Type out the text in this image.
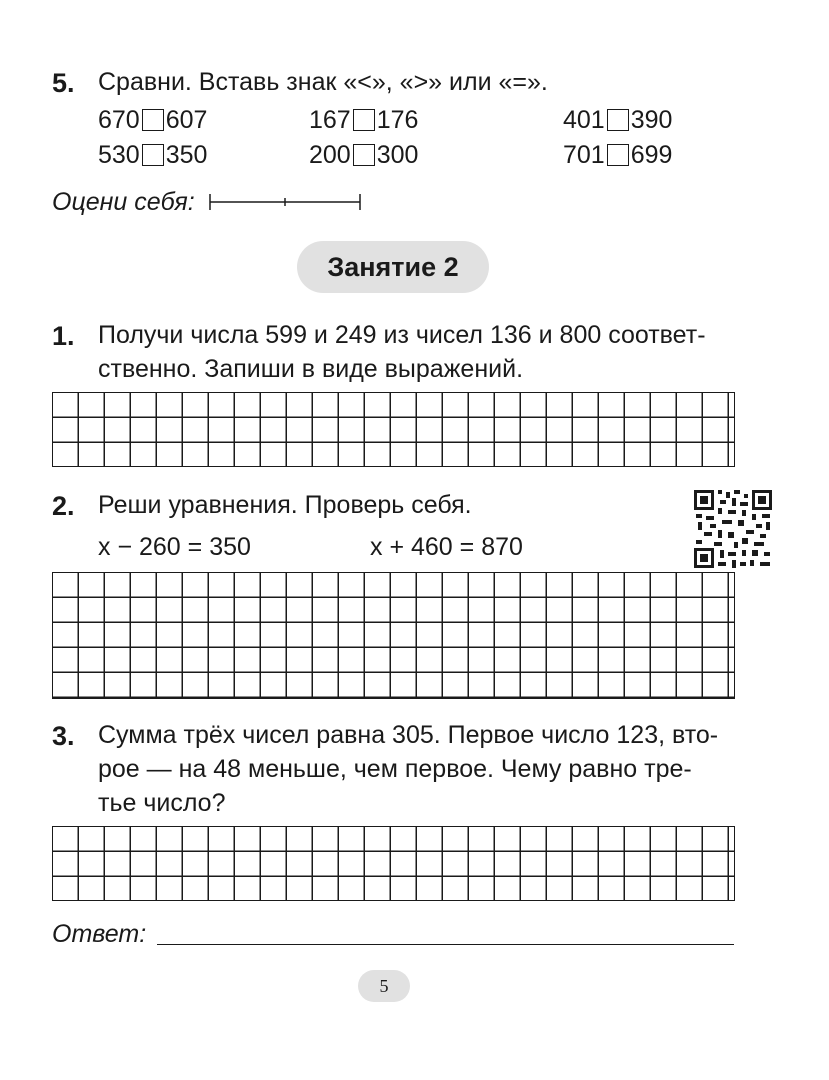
5. Сравни. Вставь знак «<», «>» или «=».
670 607	167 176	401 390
530 350	200 300	701 699
Оцени себя:
Занятие 2
1. Получи числа 599 и 249 из чисел 136 и 800 соответ-
ственно. Запиши в виде выражений.
2. Реши уравнения. Проверь себя.
x − 260 = 350	x + 460 = 870
3. Сумма трёх чисел равна 305. Первое число 123, вто-
рое — на 48 меньше, чем первое. Чему равно тре-
тье число?
Ответ:
5
